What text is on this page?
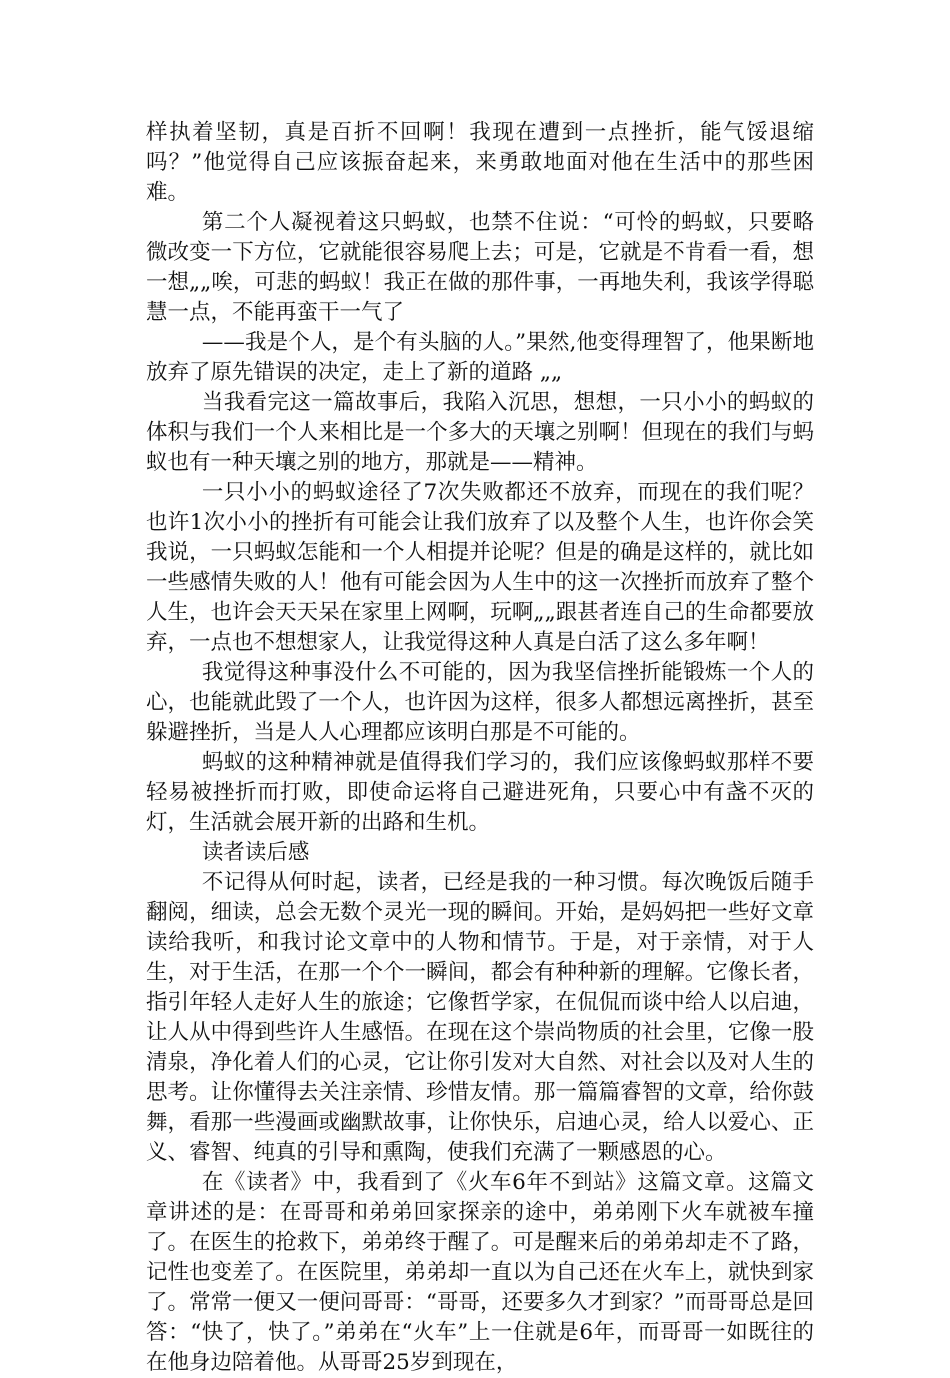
样执着坚韧，真是百折不回啊！我现在遭到一点挫折，能气馁退缩吗？”他觉得自己应该振奋起来，来勇敢地面对他在生活中的那些困难。

第二个人凝视着这只蚂蚁，也禁不住说：“可怜的蚂蚁，只要略微改变一下方位，它就能很容易爬上去；可是，它就是不肯看一看，想一想„„唉，可悲的蚂蚁！我正在做的那件事，一再地失利，我该学得聪慧一点，不能再蛮干一气了

——我是个人，是个有头脑的人。”果然,他变得理智了，他果断地放弃了原先错误的决定，走上了新的道路 „„

当我看完这一篇故事后，我陷入沉思，想想，一只小小的蚂蚁的体积与我们一个人来相比是一个多大的天壤之别啊！但现在的我们与蚂蚁也有一种天壤之别的地方，那就是——精神。

一只小小的蚂蚁途径了7次失败都还不放弃，而现在的我们呢？也许1次小小的挫折有可能会让我们放弃了以及整个人生，也许你会笑我说，一只蚂蚁怎能和一个人相提并论呢？但是的确是这样的，就比如一些感情失败的人！他有可能会因为人生中的这一次挫折而放弃了整个人生，也许会天天呆在家里上网啊，玩啊„„跟甚者连自己的生命都要放弃，一点也不想想家人，让我觉得这种人真是白活了这么多年啊！

我觉得这种事没什么不可能的，因为我坚信挫折能锻炼一个人的心，也能就此毁了一个人，也许因为这样，很多人都想远离挫折，甚至躲避挫折，当是人人心理都应该明白那是不可能的。

蚂蚁的这种精神就是值得我们学习的，我们应该像蚂蚁那样不要轻易被挫折而打败，即使命运将自己避进死角，只要心中有盏不灭的灯，生活就会展开新的出路和生机。

读者读后感

不记得从何时起，读者，已经是我的一种习惯。每次晚饭后随手翻阅，细读，总会无数个灵光一现的瞬间。开始，是妈妈把一些好文章读给我听，和我讨论文章中的人物和情节。于是，对于亲情，对于人生，对于生活，在那一个个一瞬间，都会有种种新的理解。它像长者，指引年轻人走好人生的旅途；它像哲学家，在侃侃而谈中给人以启迪，让人从中得到些许人生感悟。在现在这个崇尚物质的社会里，它像一股清泉，净化着人们的心灵，它让你引发对大自然、对社会以及对人生的思考。让你懂得去关注亲情、珍惜友情。那一篇篇睿智的文章，给你鼓舞，看那一些漫画或幽默故事，让你快乐，启迪心灵，给人以爱心、正义、睿智、纯真的引导和熏陶，使我们充满了一颗感恩的心。

在《读者》中，我看到了《火车6年不到站》这篇文章。这篇文章讲述的是：在哥哥和弟弟回家探亲的途中，弟弟刚下火车就被车撞了。在医生的抢救下，弟弟终于醒了。可是醒来后的弟弟却走不了路，记性也变差了。在医院里，弟弟却一直以为自己还在火车上，就快到家了。常常一便又一便问哥哥：“哥哥，还要多久才到家？”而哥哥总是回答：“快了，快了。”弟弟在“火车”上一住就是6年，而哥哥一如既往的在他身边陪着他。从哥哥25岁到现在，
